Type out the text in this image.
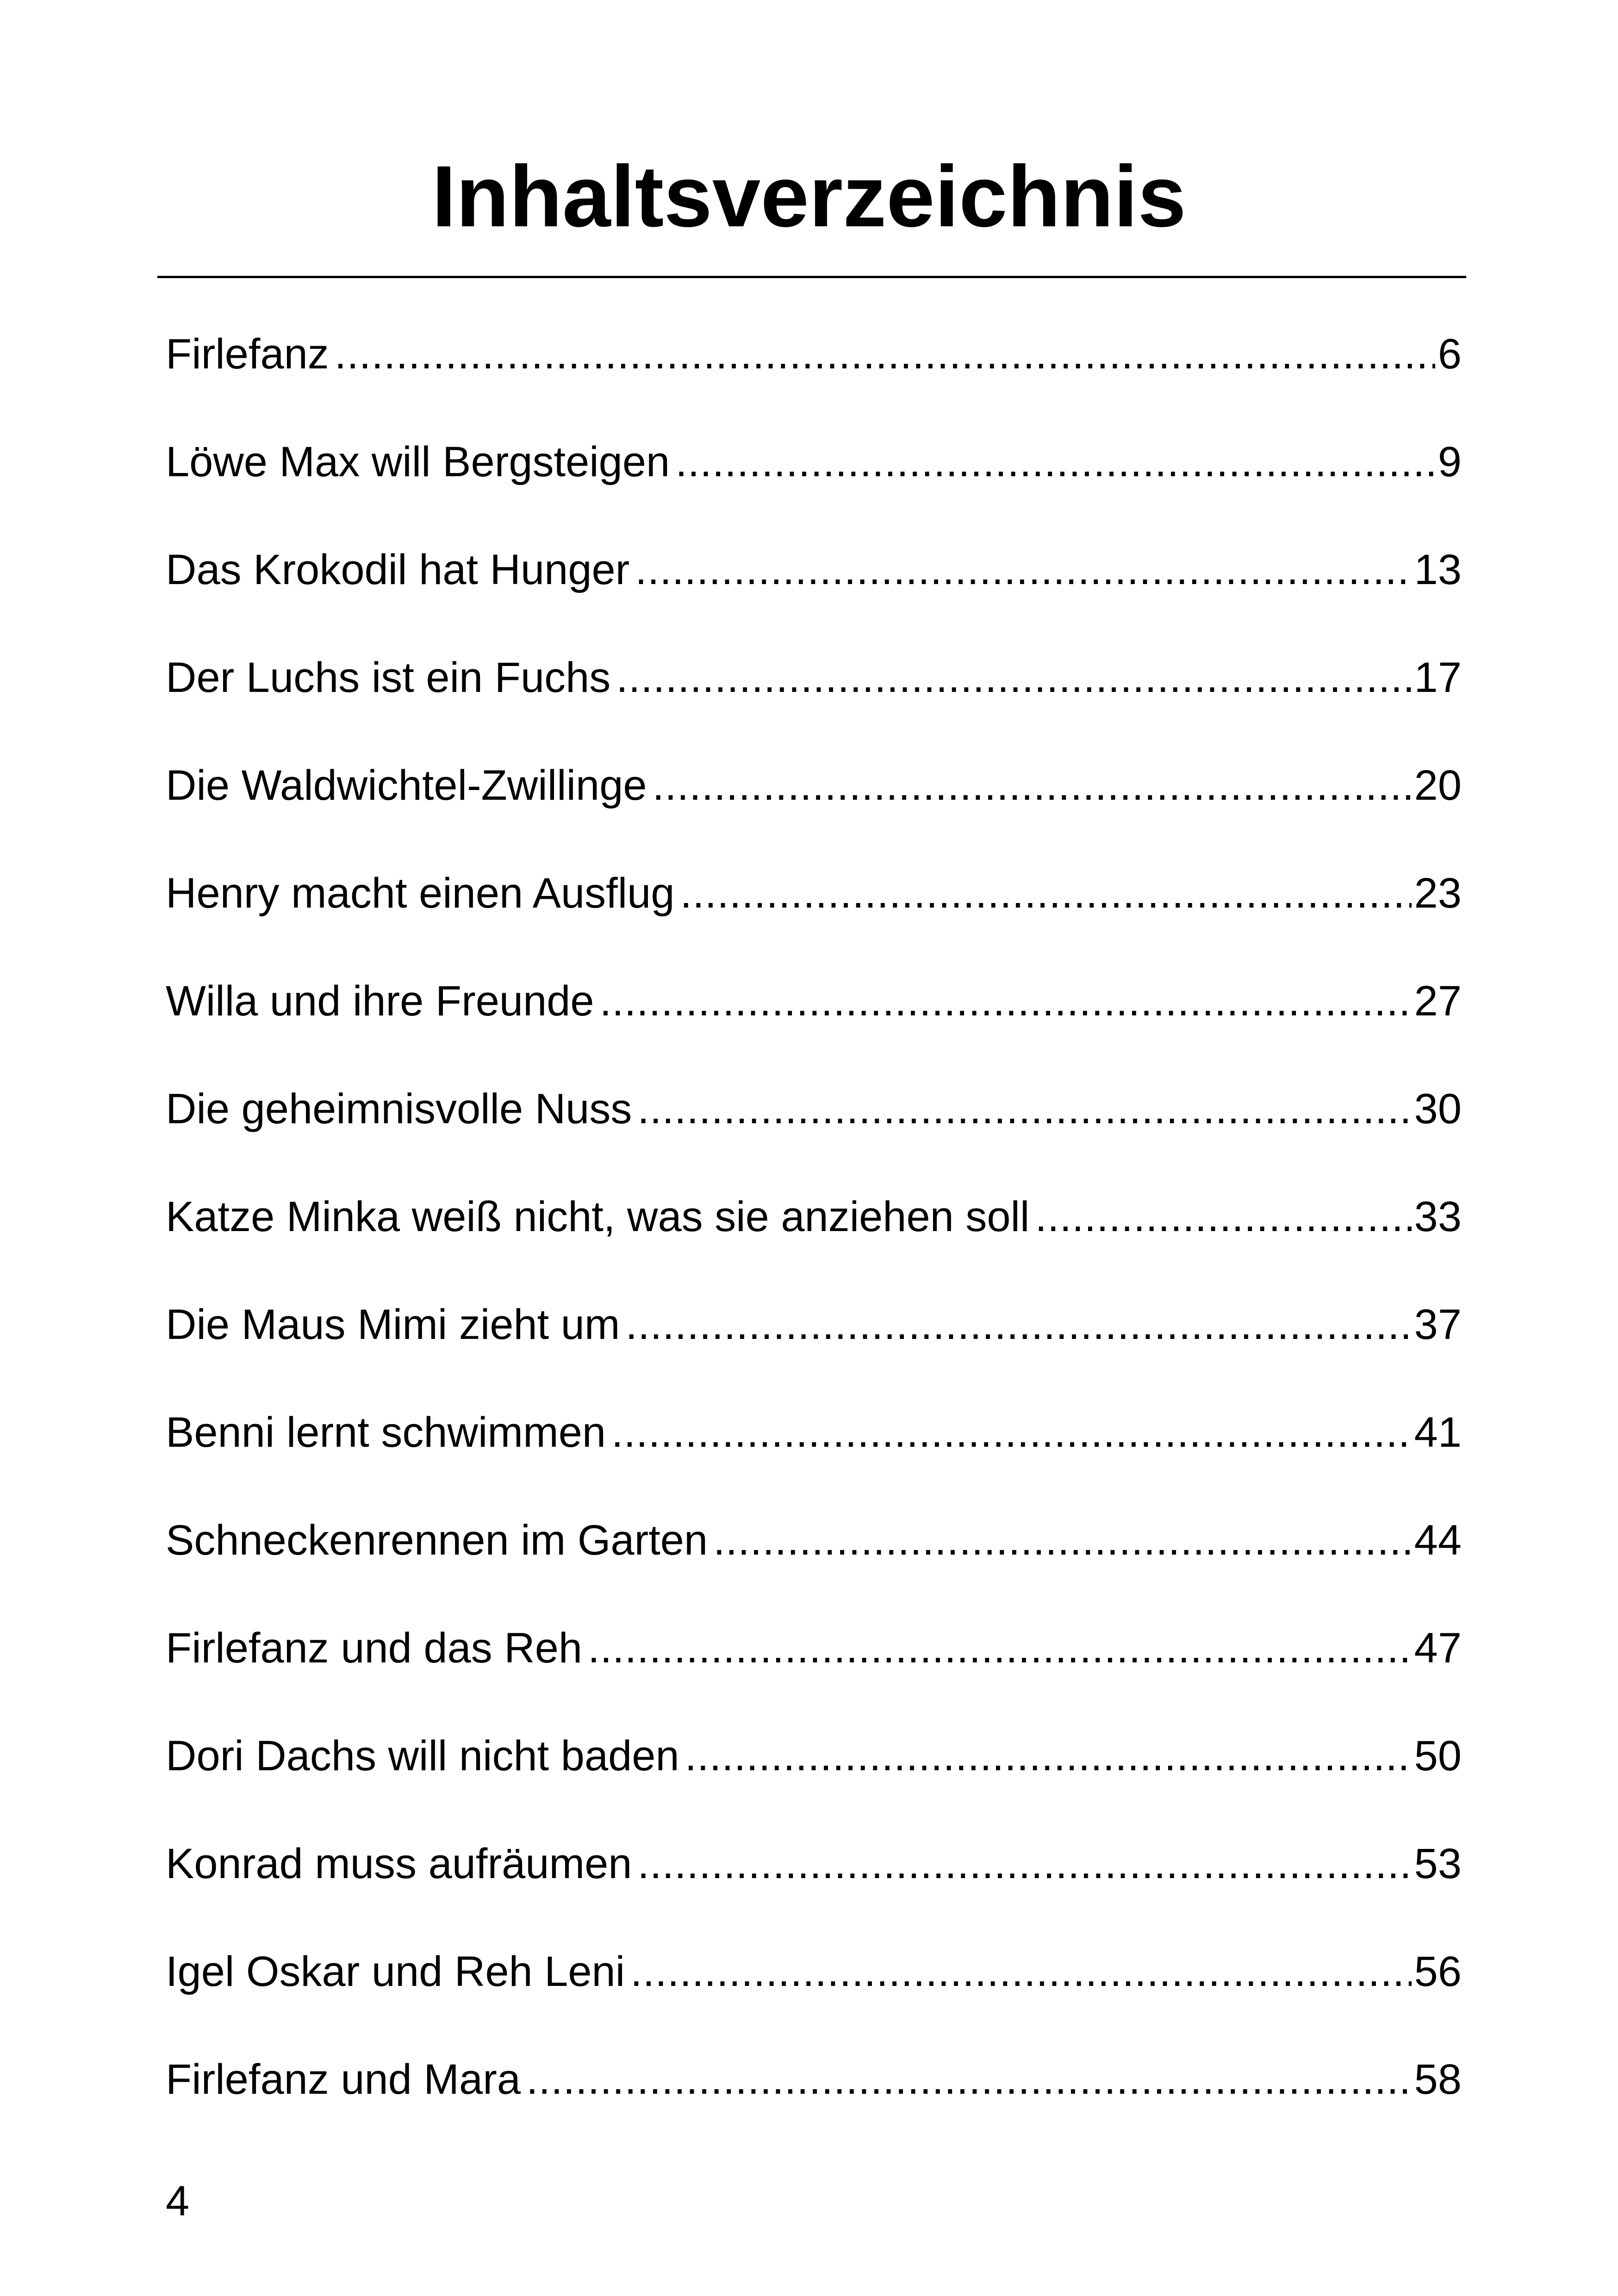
Inhaltsverzeichnis
Firlefanz .....	6
Löwe Max will Bergsteigen .....	9
Das Krokodil hat Hunger .....	13
Der Luchs ist ein Fuchs .....	17
Die Waldwichtel-Zwillinge .....	20
Henry macht einen Ausflug .....	23
Willa und ihre Freunde .....	27
Die geheimnisvolle Nuss .....	30
Katze Minka weiß nicht, was sie anziehen soll .....	33
Die Maus Mimi zieht um .....	37
Benni lernt schwimmen .....	41
Schneckenrennen im Garten .....	44
Firlefanz und das Reh .....	47
Dori Dachs will nicht baden .....	50
Konrad muss aufräumen .....	53
Igel Oskar und Reh Leni .....	56
Firlefanz und Mara .....	58
4
